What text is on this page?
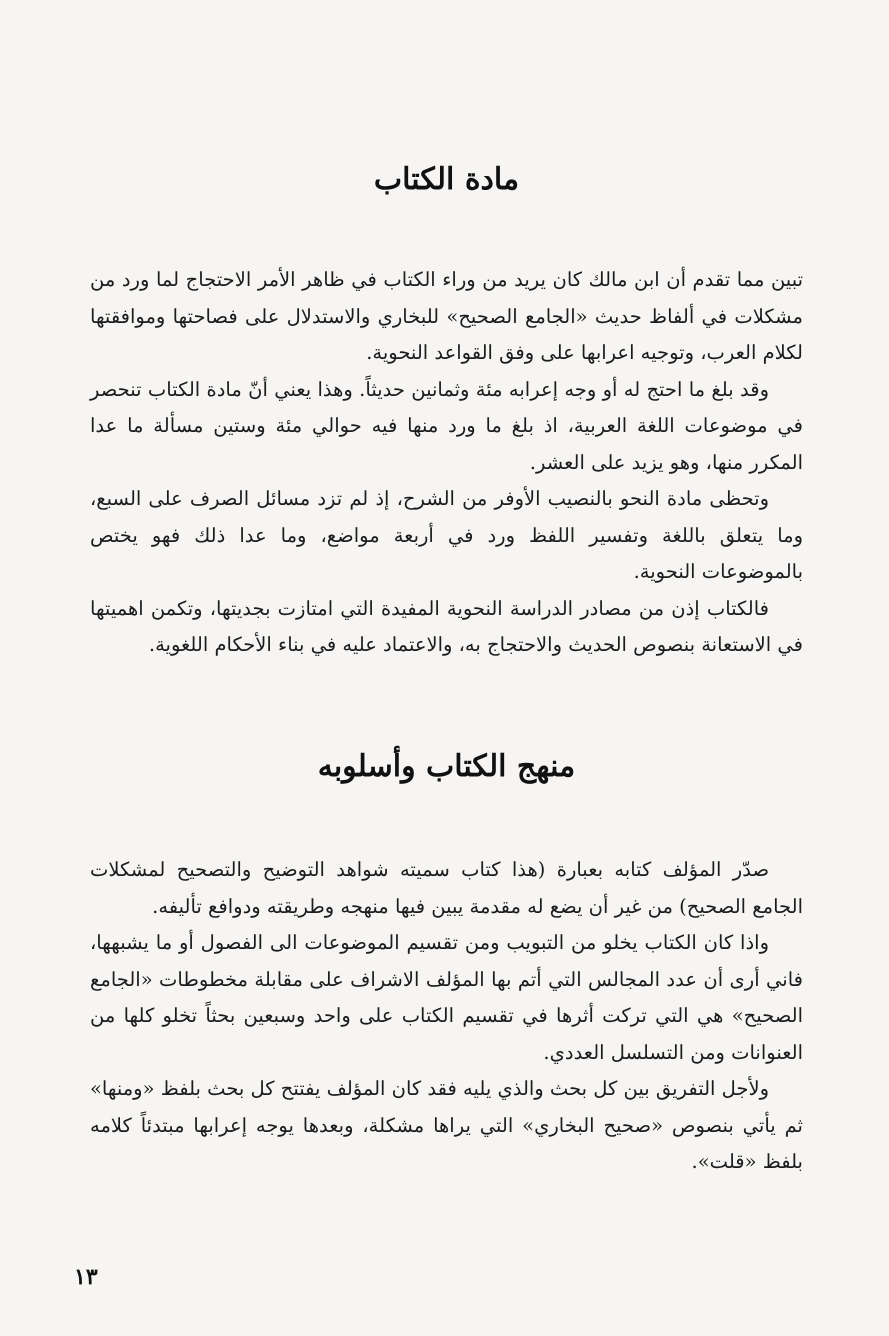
مادة الكتاب

تبين مما تقدم أن ابن مالك كان يريد من وراء الكتاب في ظاهر الأمر الاحتجاج لما ورد من مشكلات في ألفاظ حديث «الجامع الصحيح» للبخاري والاستدلال على فصاحتها وموافقتها لكلام العرب، وتوجيه اعرابها على وفق القواعد النحوية.

وقد بلغ ما احتج له أو وجه إعرابه مئة وثمانين حديثاً. وهذا يعني أنّ مادة الكتاب تنحصر في موضوعات اللغة العربية، اذ بلغ ما ورد منها فيه حوالي مئة وستين مسألة ما عدا المكرر منها، وهو يزيد على العشر.

وتحظى مادة النحو بالنصيب الأوفر من الشرح، إذ لم تزد مسائل الصرف على السبع، وما يتعلق باللغة وتفسير اللفظ ورد في أربعة مواضع، وما عدا ذلك فهو يختص بالموضوعات النحوية.

فالكتاب إذن من مصادر الدراسة النحوية المفيدة التي امتازت بجديتها، وتكمن اهميتها في الاستعانة بنصوص الحديث والاحتجاج به، والاعتماد عليه في بناء الأحكام اللغوية.

منهج الكتاب وأسلوبه

صدّر المؤلف كتابه بعبارة (هذا كتاب سميته شواهد التوضيح والتصحيح لمشكلات الجامع الصحيح) من غير أن يضع له مقدمة يبين فيها منهجه وطريقته ودوافع تأليفه.

واذا كان الكتاب يخلو من التبويب ومن تقسيم الموضوعات الى الفصول أو ما يشبهها، فاني أرى أن عدد المجالس التي أتم بها المؤلف الاشراف على مقابلة مخطوطات «الجامع الصحيح» هي التي تركت أثرها في تقسيم الكتاب على واحد وسبعين بحثاً تخلو كلها من العنوانات ومن التسلسل العددي.

ولأجل التفريق بين كل بحث والذي يليه فقد كان المؤلف يفتتح كل بحث بلفظ «ومنها» ثم يأتي بنصوص «صحيح البخاري» التي يراها مشكلة، وبعدها يوجه إعرابها مبتدئاً كلامه بلفظ «قلت».

١٣
